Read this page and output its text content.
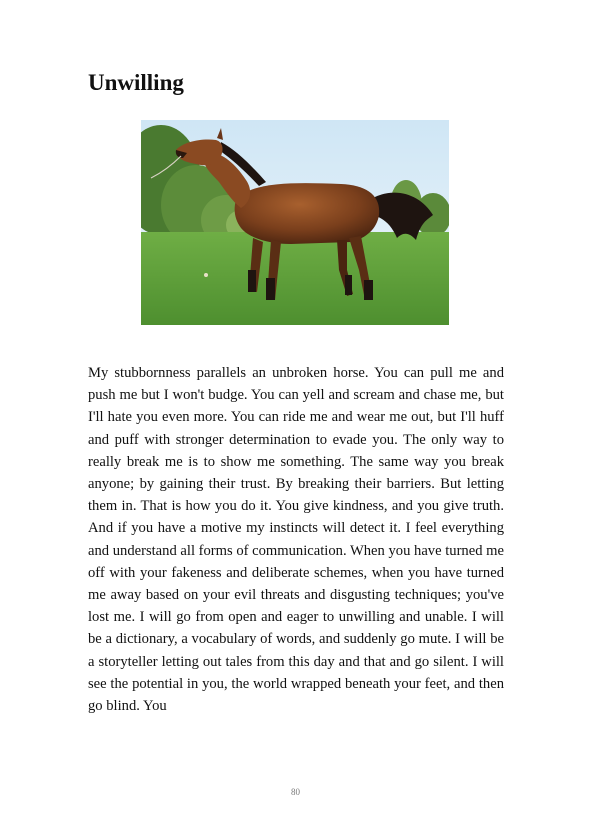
Unwilling

My stubbornness parallels an unbroken horse. You can pull me and push me but I won't budge. You can yell and scream and chase me, but I'll hate you even more. You can ride me and wear me out, but I'll huff and puff with stronger determination to evade you. The only way to really break me is to show me something. The same way you break anyone; by gaining their trust. By breaking their barriers. But letting them in. That is how you do it. You give kindness, and you give truth. And if you have a motive my instincts will detect it. I feel everything and understand all forms of communication. When you have turned me off with your fakeness and deliberate schemes, when you have turned me away based on your evil threats and disgusting techniques; you've lost me. I will go from open and eager to unwilling and unable. I will be a dictionary, a vocabulary of words, and suddenly go mute. I will be a storyteller letting out tales from this day and that and go silent. I will see the potential in you, the world wrapped beneath your feet, and then go blind. You

80
